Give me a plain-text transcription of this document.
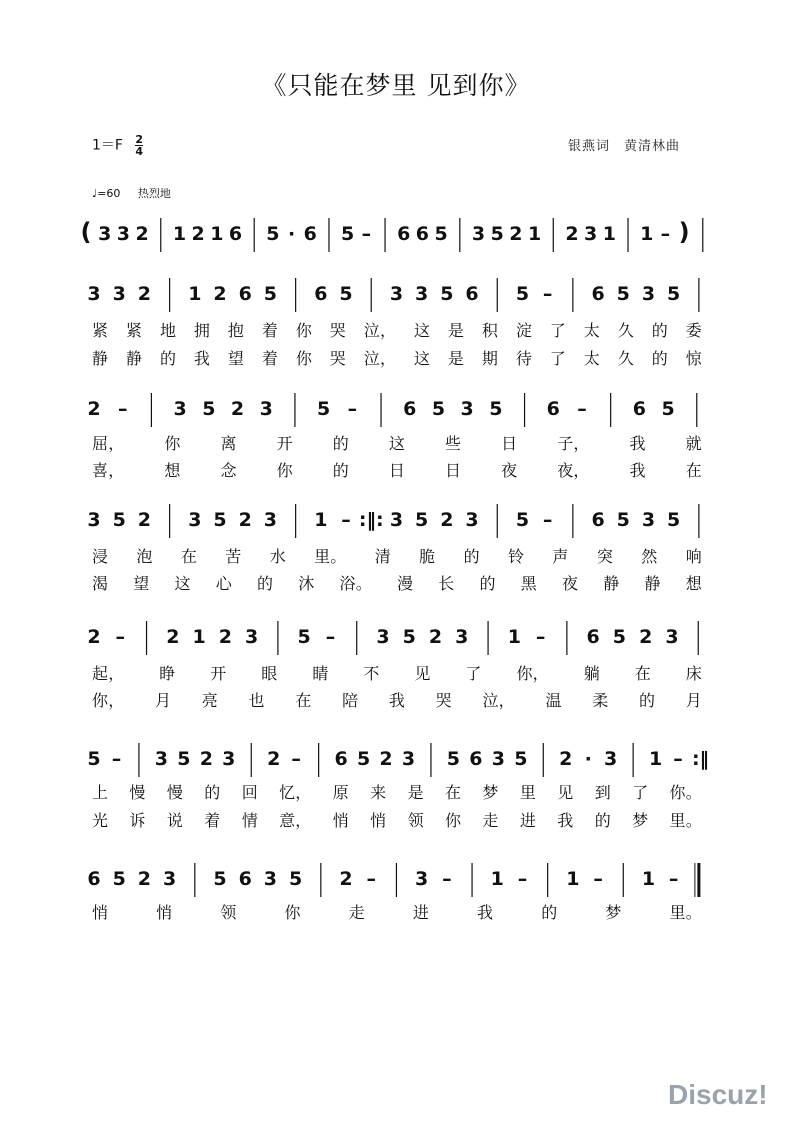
《只能在梦里 见到你》
$1=F \frac{2}{4}$	银燕词　黄清林曲
♩=60 热烈地
( 3 3 2 1 2 1 6 5 · 6 5 – 6 6 5 3 5 2 1 2 3 1 1 – )
3 3 2 1 2 6 5 6 5 3 3 5 6 5 – 6 5 3 5
2 – 3 5 2 3 5 – 6 5 3 5 6 – 6 5
3 5 2 3 5 2 3 1 – :‖: 3 5 2 3 5 – 6 5 3 5
2 – 2 1 2 3 5 – 3 5 2 3 1 – 6 5 2 3
5 – 3 5 2 3 2 – 6 5 2 3 5 6 3 5 2 · 3 1 – :‖
6 5 2 3 5 6 3 5 2 – 3 – 1 – 1 – 1 –
紧 紧 地 拥 抱 着 你 哭 泣， 这 是 积 淀 了 太 久 的 委
静 静 的 我 望 着 你 哭 泣， 这 是 期 待 了 太 久 的 惊
屈， 你 离 开 的 这 些 日 子， 我 就
喜， 想 念 你 的 日 日 夜 夜， 我 在
浸 泡 在 苦 水 里。 清 脆 的 铃 声 突 然 响
渴 望 这 心 的 沐 浴。 漫 长 的 黑 夜 静 静 想
起， 睁 开 眼 睛 不 见 了 你， 躺 在 床
你， 月 亮 也 在 陪 我 哭 泣， 温 柔 的 月
上 慢 慢 的 回 忆， 原 来 是 在 梦 里 见 到 了 你。
光 诉 说 着 情 意， 悄 悄 领 你 走 进 我 的 梦 里。
悄	悄	领	你	走	进	我	的	梦	里。
Discuz!
